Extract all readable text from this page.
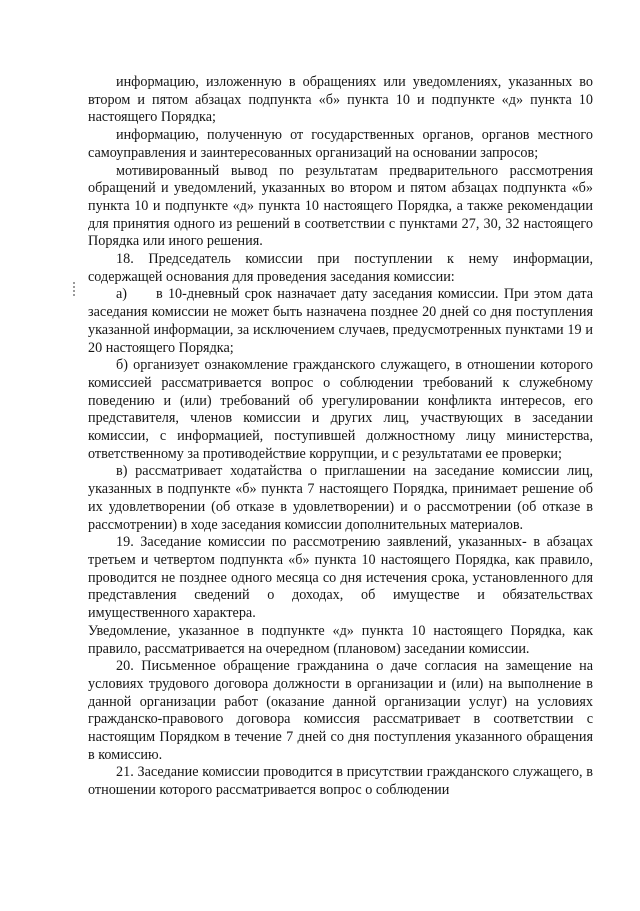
информацию, изложенную в обращениях или уведомлениях, указанных во втором и пятом абзацах подпункта «б» пункта 10 и подпункте «д» пункта 10 настоящего Порядка;

информацию, полученную от государственных органов, органов местного самоуправления и заинтересованных организаций на основании запросов;

мотивированный вывод по результатам предварительного рассмотрения обращений и уведомлений, указанных во втором и пятом абзацах подпункта «б» пункта 10 и подпункте «д» пункта 10 настоящего Порядка, а также рекомендации для принятия одного из решений в соответствии с пунктами 27, 30, 32 настоящего Порядка или иного решения.

18. Председатель комиссии при поступлении к нему информации, содержащей основания для проведения заседания комиссии:

а) в 10-дневный срок назначает дату заседания комиссии. При этом дата заседания комиссии не может быть назначена позднее 20 дней со дня поступления указанной информации, за исключением случаев, предусмотренных пунктами 19 и 20 настоящего Порядка;

б) организует ознакомление гражданского служащего, в отношении которого комиссией рассматривается вопрос о соблюдении требований к служебному поведению и (или) требований об урегулировании конфликта интересов, его представителя, членов комиссии и других лиц, участвующих в заседании комиссии, с информацией, поступившей должностному лицу министерства, ответственному за противодействие коррупции, и с результатами ее проверки;

в) рассматривает ходатайства о приглашении на заседание комиссии лиц, указанных в подпункте «б» пункта 7 настоящего Порядка, принимает решение об их удовлетворении (об отказе в удовлетворении) и о рассмотрении (об отказе в рассмотрении) в ходе заседания комиссии дополнительных материалов.

19. Заседание комиссии по рассмотрению заявлений, указанных- в абзацах третьем и четвертом подпункта «б» пункта 10 настоящего Порядка, как правило, проводится не позднее одного месяца со дня истечения срока, установленного для представления сведений о доходах, об имуществе и обязательствах имущественного характера.

Уведомление, указанное в подпункте «д» пункта 10 настоящего Порядка, как правило, рассматривается на очередном (плановом) заседании комиссии.

20. Письменное обращение гражданина о даче согласия на замещение на условиях трудового договора должности в организации и (или) на выполнение в данной организации работ (оказание данной организации услуг) на условиях гражданско-правового договора комиссия рассматривает в соответствии с настоящим Порядком в течение 7 дней со дня поступления указанного обращения в комиссию.

21. Заседание комиссии проводится в присутствии гражданского служащего, в отношении которого рассматривается вопрос о соблюдении
